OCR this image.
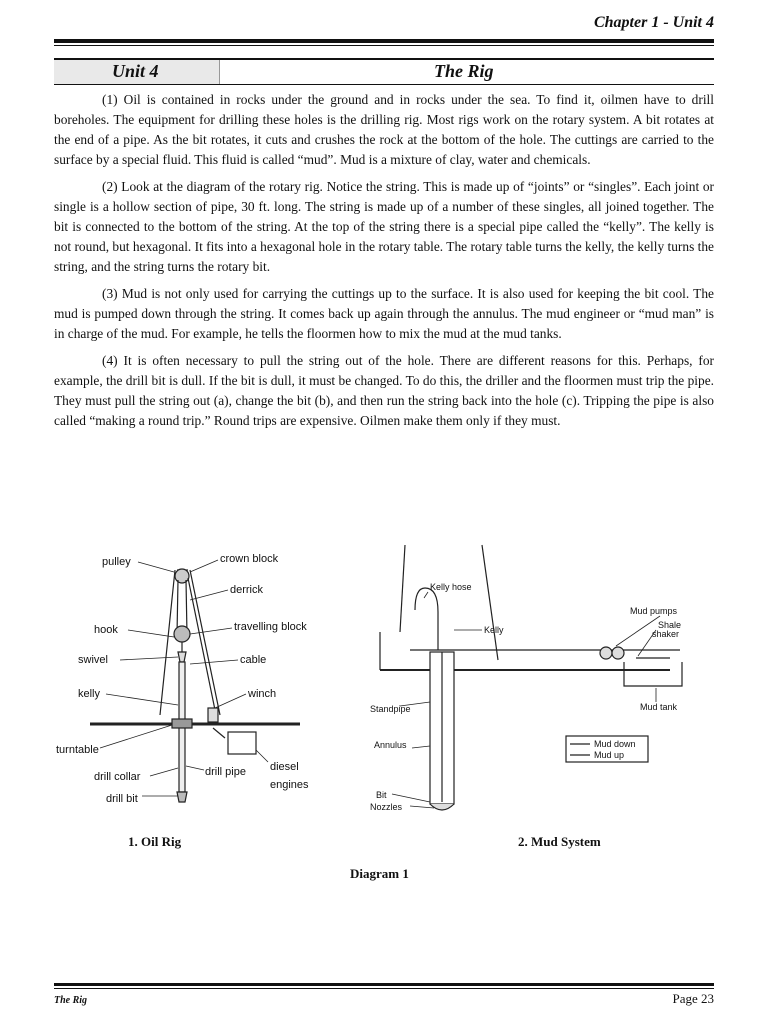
Chapter 1 - Unit 4
Unit 4	The Rig

(1) Oil is contained in rocks under the ground and in rocks under the sea. To find it, oilmen have to drill boreholes. The equipment for drilling these holes is the drilling rig. Most rigs work on the rotary system. A bit rotates at the end of a pipe. As the bit rotates, it cuts and crushes the rock at the bottom of the hole. The cuttings are carried to the surface by a special fluid. This fluid is called “mud”. Mud is a mixture of clay, water and chemicals.

(2) Look at the diagram of the rotary rig. Notice the string. This is made up of “joints” or “singles”. Each joint or single is a hollow section of pipe, 30 ft. long. The string is made up of a number of these singles, all joined together. The bit is connected to the bottom of the string. At the top of the string there is a special pipe called the “kelly”. The kelly is not round, but hexagonal. It fits into a hexagonal hole in the rotary table. The rotary table turns the kelly, the kelly turns the string, and the string turns the rotary bit.

(3) Mud is not only used for carrying the cuttings up to the surface. It is also used for keeping the bit cool. The mud is pumped down through the string. It comes back up again through the annulus. The mud engineer or “mud man” is in charge of the mud. For example, he tells the floormen how to mix the mud at the mud tanks.

(4) It is often necessary to pull the string out of the hole. There are different reasons for this. Perhaps, for example, the drill bit is dull. If the bit is dull, it must be changed. To do this, the driller and the floormen must trip the pipe. They must pull the string out (a), change the bit (b), and then run the string back into the hole (c). Tripping the pipe is also called “making a round trip.” Round trips are expensive. Oilmen make them only if they must.

pulley	crown block
derrick
hook	travelling block
swivel	cable
kelly	winch
turntable
diesel
engines
drill collar	drill pipe
drill bit
Kelly hose
Kelly
Mud pumps
Shale
shaker
Mud tank
Standpipe
Annulus
Bit
Nozzles
Mud down
Mud up
1. Oil Rig	2. Mud System
Diagram 1
The Rig	Page 23
